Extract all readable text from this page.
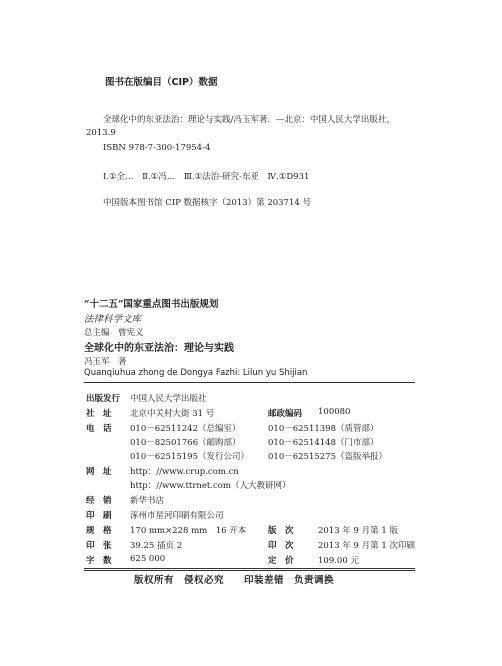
图书在版编目（CIP）数据
全球化中的东亚法治：理论与实践/冯玉军著．—北京：中国人民大学出版社，
2013.9
ISBN 978-7-300-17954-4
Ⅰ.①全…　Ⅱ.①冯…　Ⅲ.①法治-研究-东亚　Ⅳ.①D931
中国版本图书馆 CIP 数据核字（2013）第 203714 号
“十二五”国家重点图书出版规划
法律科学文库
总主编　曾宪义
全球化中的东亚法治：理论与实践
冯玉军　著
Quanqiuhua zhong de Dongya Fazhi: Lilun yu Shijian
出版发行 中国人民大学出版社
社　址 北京中关村大街 31 号	邮政编码 100080
电　话 010－62511242（总编室）	010－62511398（质管部）
010－82501766（邮购部）	010－62514148（门市部）
010－62515195（发行公司） 010－62515275（盗版举报）
网　址 http：//www.crup.com.cn
http：//www.ttrnet.com（人大教研网）
经　销 新华书店
印　刷 涿州市星河印刷有限公司
规　格 170 mm×228 mm　16 开本	版　次	2013 年 9 月第 1 版
印　张 39.25 插页 2	印　次	2013 年 9 月第 1 次印刷
字　数 625 000	定　价	109.00 元
版权所有　侵权必究　　印装差错　负责调换
